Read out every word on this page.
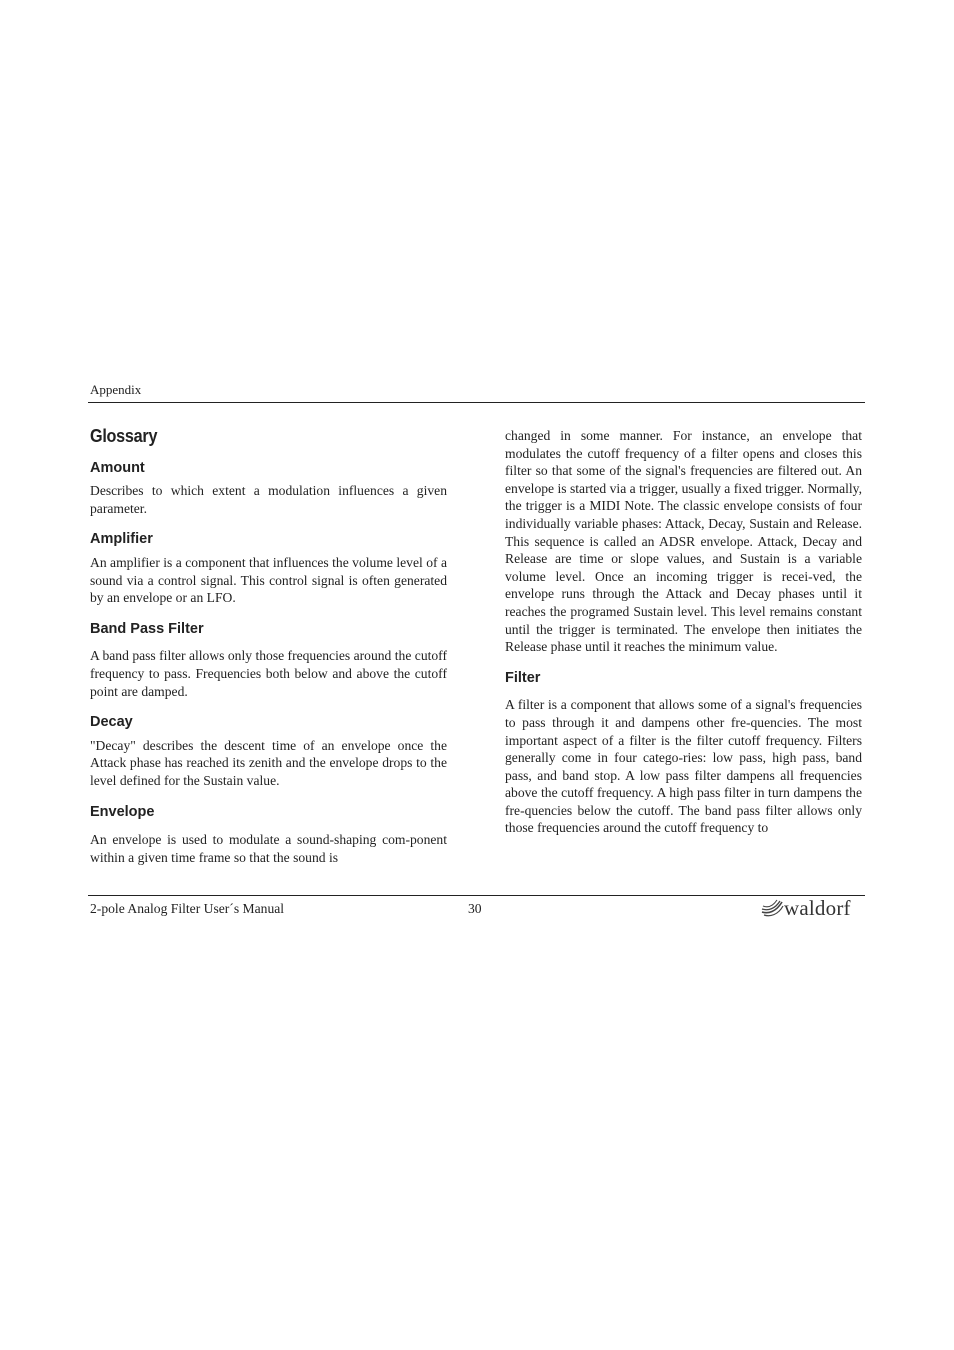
Appendix
Glossary
Amount

Describes to which extent a modulation influences a given parameter.

Amplifier

An amplifier is a component that influences the volume level of a sound via a control signal. This control signal is often generated by an envelope or an LFO.

Band Pass Filter

A band pass filter allows only those frequencies around the cutoff frequency to pass. Frequencies both below and above the cutoff point are damped.

Decay

"Decay" describes the descent time of an envelope once the Attack phase has reached its zenith and the envelope drops to the level defined for the Sustain value.

Envelope

An envelope is used to modulate a sound-shaping com-ponent within a given time frame so that the sound is

changed in some manner. For instance, an envelope that modulates the cutoff frequency of a filter opens and closes this filter so that some of the signal's frequencies are filtered out. An envelope is started via a trigger, usually a fixed trigger. Normally, the trigger is a MIDI Note. The classic envelope consists of four individually variable phases: Attack, Decay, Sustain and Release. This sequence is called an ADSR envelope. Attack, Decay and Release are time or slope values, and Sustain is a variable volume level. Once an incoming trigger is recei-ved, the envelope runs through the Attack and Decay phases until it reaches the programed Sustain level. This level remains constant until the trigger is terminated. The envelope then initiates the Release phase until it reaches the minimum value.

Filter

A filter is a component that allows some of a signal's frequencies to pass through it and dampens other fre-quencies. The most important aspect of a filter is the filter cutoff frequency. Filters generally come in four catego-ries: low pass, high pass, band pass, and band stop. A low pass filter dampens all frequencies above the cutoff frequency. A high pass filter in turn dampens the fre-quencies below the cutoff. The band pass filter allows only those frequencies around the cutoff frequency to

2-pole Analog Filter User´s Manual	30	waldorf
